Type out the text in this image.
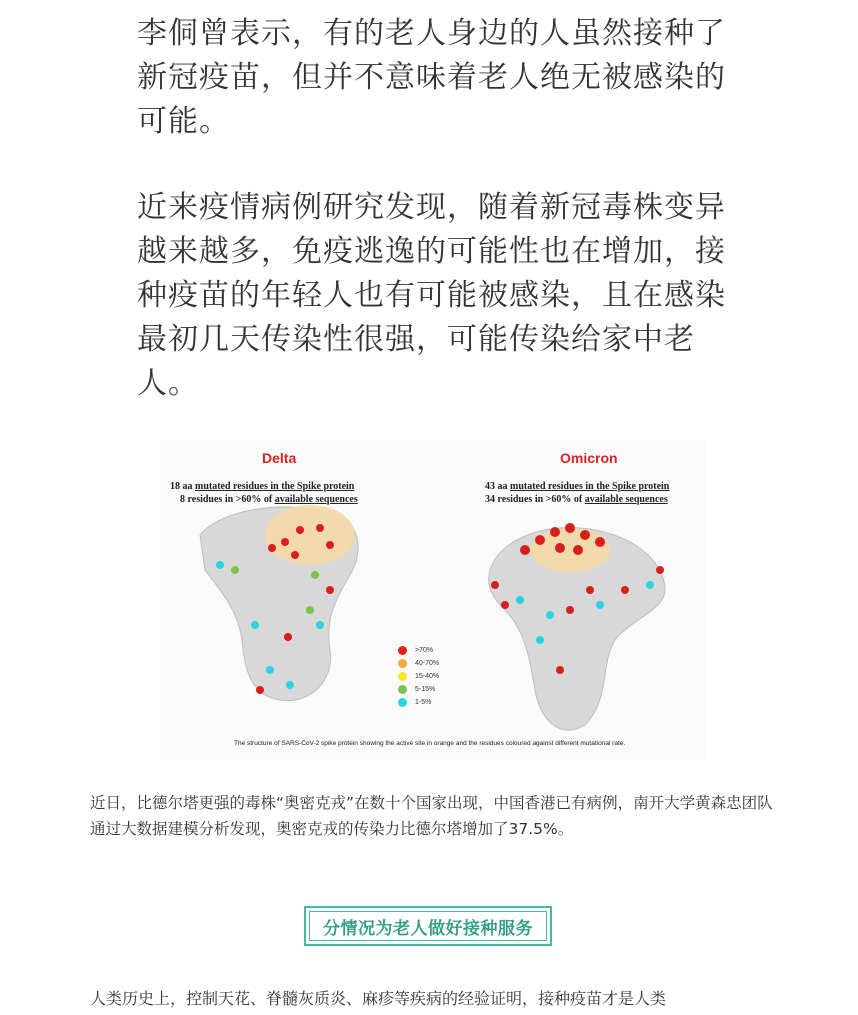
李侗曾表示，有的老人身边的人虽然接种了新冠疫苗，但并不意味着老人绝无被感染的可能。

近来疫情病例研究发现，随着新冠毒株变异越来越多，免疫逃逸的可能性也在增加，接种疫苗的年轻人也有可能被感染，且在感染最初几天传染性很强，可能传染给家中老人。

Delta	Omicron
18 aa mutated residues in the Spike protein
8 residues in >60% of available sequences
43 aa mutated residues in the Spike protein
34 residues in >60% of available sequences
>70%
40-70%
15-40%
5-15%
1-5%
The structure of SARS-CoV-2 spike protein showing the active site in orange and the residues coloured against different mutational rate.

近日，比德尔塔更强的毒株“奥密克戎”在数十个国家出现，中国香港已有病例，南开大学黄森忠团队通过大数据建模分析发现，奥密克戎的传染力比德尔塔增加了37.5%。

分情况为老人做好接种服务

人类历史上，控制天花、脊髓灰质炎、麻疹等疾病的经验证明，接种疫苗才是人类
